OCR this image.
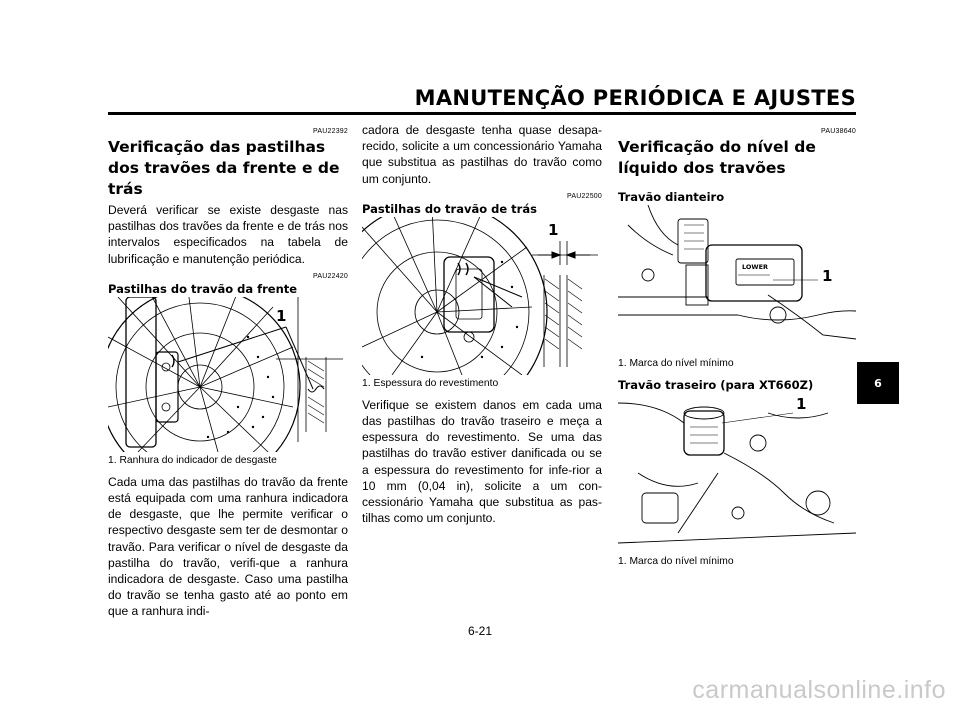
MANUTENÇÃO PERIÓDICA E AJUSTES
PAU22392
Verificação das pastilhas dos travões da frente e de trás
Deverá verificar se existe desgaste nas pastilhas dos travões da frente e de trás nos intervalos especificados na tabela de lubrificação e manutenção periódica.
PAU22420
Pastilhas do travão da frente
1
1. Ranhura do indicador de desgaste
Cada uma das pastilhas do travão da frente está equipada com uma ranhura indicadora de desgaste, que lhe permite verificar o respectivo desgaste sem ter de desmontar o travão. Para verificar o nível de desgaste da pastilha do travão, verifi-que a ranhura indicadora de desgaste. Caso uma pastilha do travão se tenha gasto até ao ponto em que a ranhura indi-
cadora de desgaste tenha quase desapa-recido, solicite a um concessionário Yamaha que substitua as pastilhas do travão como um conjunto.
PAU22500
Pastilhas do travão de trás
1
1. Espessura do revestimento
Verifique se existem danos em cada uma das pastilhas do travão traseiro e meça a espessura do revestimento. Se uma das pastilhas do travão estiver danificada ou se a espessura do revestimento for infe-rior a 10 mm (0,04 in), solicite a um con-cessionário Yamaha que substitua as pas-tilhas como um conjunto.
PAU38640
Verificação do nível de líquido dos travões
Travão dianteiro
LOWER	1
1. Marca do nível mínimo
Travão traseiro (para XT660Z)
1
1. Marca do nível mínimo
6
6-21
carmanualsonline.info
